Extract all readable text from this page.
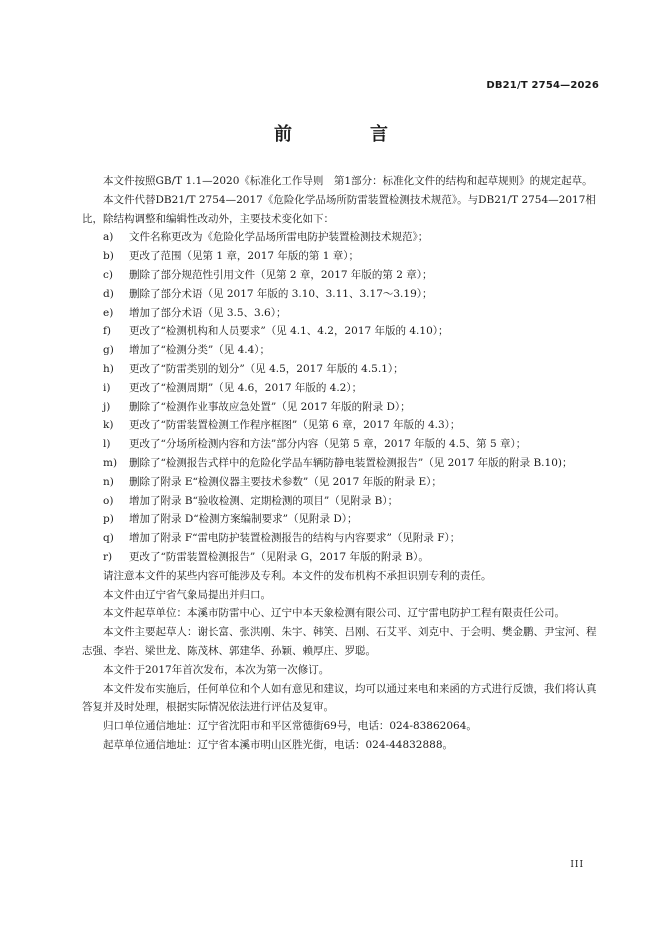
DB21/T 2754—2026
前　言

本文件按照GB/T 1.1—2020《标准化工作导则　第1部分：标准化文件的结构和起草规则》的规定起草。

本文件代替DB21/T 2754—2017《危险化学品场所防雷装置检测技术规范》。与DB21/T 2754—2017相比，除结构调整和编辑性改动外，主要技术变化如下：

a) 文件名称更改为《危险化学品场所雷电防护装置检测技术规范》；
b) 更改了范围（见第 1 章，2017 年版的第 1 章）；
c) 删除了部分规范性引用文件（见第 2 章，2017 年版的第 2 章）；
d) 删除了部分术语（见 2017 年版的 3.10、3.11、3.17～3.19）；
e) 增加了部分术语（见 3.5、3.6）；
f) 更改了“检测机构和人员要求”（见 4.1、4.2，2017 年版的 4.10）；
g) 增加了“检测分类”（见 4.4）；
h) 更改了“防雷类别的划分”（见 4.5，2017 年版的 4.5.1）；
i) 更改了“检测周期”（见 4.6，2017 年版的 4.2）；
j) 删除了“检测作业事故应急处置”（见 2017 年版的附录 D）；
k) 更改了“防雷装置检测工作程序框图”（见第 6 章，2017 年版的 4.3）；
l) 更改了“分场所检测内容和方法”部分内容（见第 5 章，2017 年版的 4.5、第 5 章）；
m) 删除了“检测报告式样中的危险化学品车辆防静电装置检测报告”（见 2017 年版的附录 B.10)；
n) 删除了附录 E“检测仪器主要技术参数”（见 2017 年版的附录 E）；
o) 增加了附录 B“验收检测、定期检测的项目”（见附录 B）；
p) 增加了附录 D“检测方案编制要求”（见附录 D）；
q) 增加了附录 F“雷电防护装置检测报告的结构与内容要求”（见附录 F）；
r) 更改了“防雷装置检测报告”（见附录 G，2017 年版的附录 B）。

请注意本文件的某些内容可能涉及专利。本文件的发布机构不承担识别专利的责任。

本文件由辽宁省气象局提出并归口。

本文件起草单位：本溪市防雷中心、辽宁中本天象检测有限公司、辽宁雷电防护工程有限责任公司。

本文件主要起草人：谢长富、张洪刚、朱宇、韩笑、吕刚、石艾平、刘克中、于会明、樊金鹏、尹宝河、程志强、李岩、梁世龙、陈茂林、郭建华、孙颖、赖厚庄、罗聪。

本文件于2017年首次发布，本次为第一次修订。

本文件发布实施后，任何单位和个人如有意见和建议，均可以通过来电和来函的方式进行反馈，我们将认真答复并及时处理，根据实际情况依法进行评估及复审。

归口单位通信地址：辽宁省沈阳市和平区常德街69号，电话：024-83862064。

起草单位通信地址：辽宁省本溪市明山区胜光街，电话：024-44832888。

III
